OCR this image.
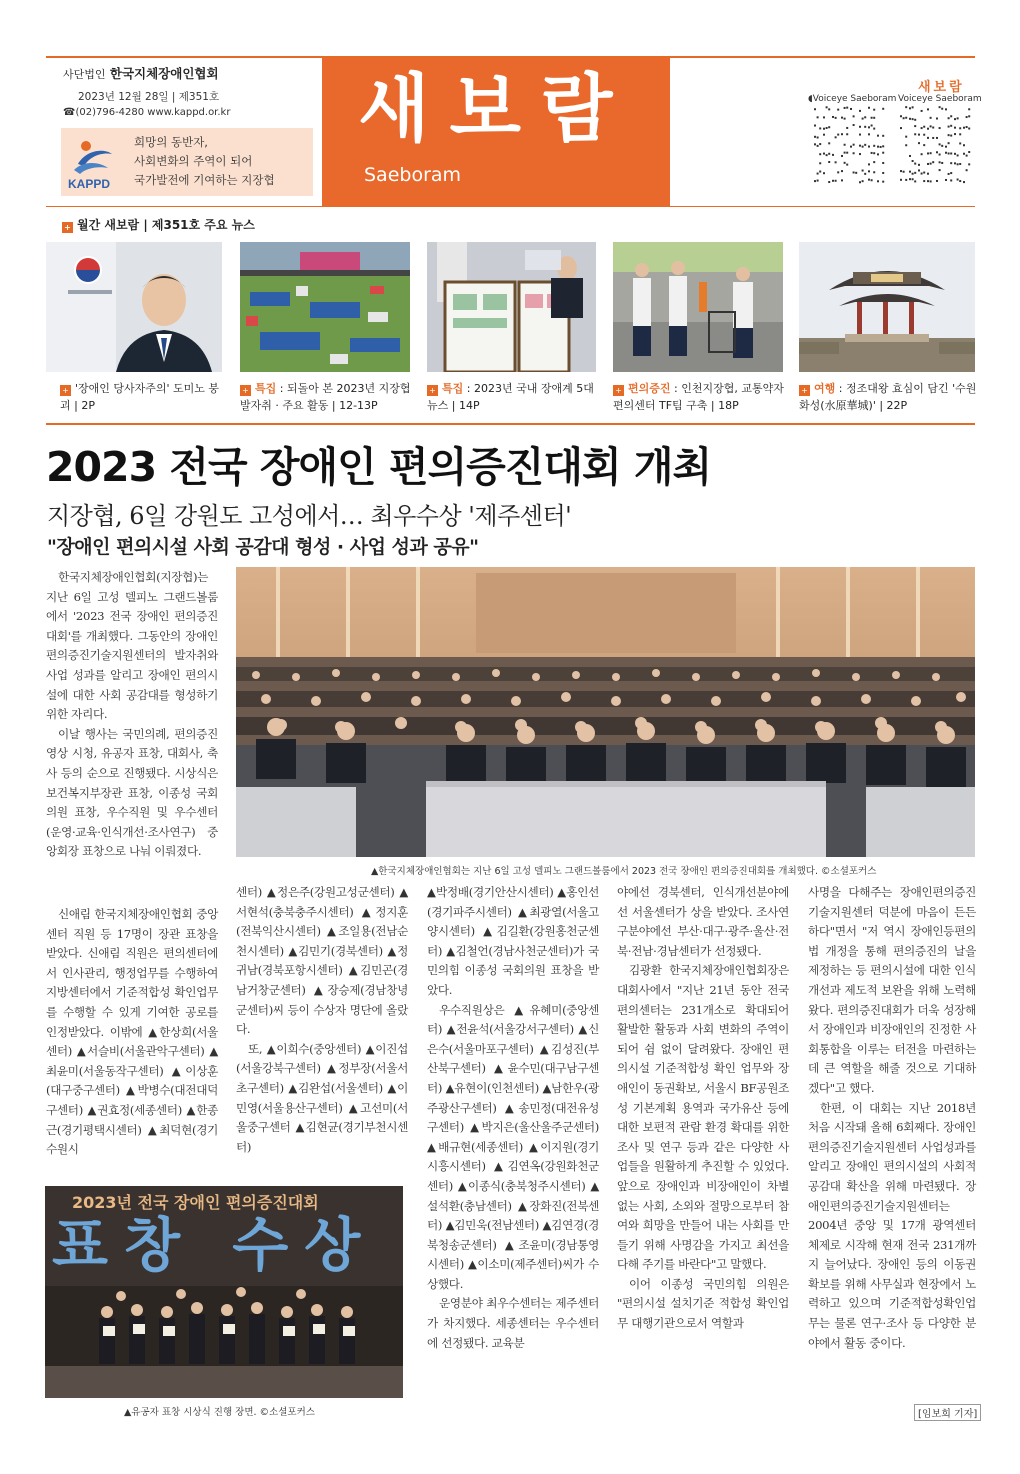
사단법인 한국지체장애인협회
2023년 12월 28일 | 제351호
☎(02)796-4280 www.kappd.or.kr
KAPPD
희망의 동반자,
사회변화의 주역이 되어
국가발전에 기여하는 지장협
새보람
Saeboram
새보람
◖Voiceye Saeboram Voiceye Saeboram
+ 월간 새보람 | 제351호 주요 뉴스
+ '장애인 당사자주의' 도미노 붕괴 | 2P
+ 특집 : 되돌아 본 2023년 지장협 발자취 · 주요 활동 | 12-13P
+ 특집 : 2023년 국내 장애계 5대 뉴스 | 14P
+ 편의증진 : 인천지장협, 교통약자편의센터 TF팀 구축 | 18P
+ 여행 : 정조대왕 효심이 담긴 '수원 화성(水原華城)' | 22P
2023 전국 장애인 편의증진대회 개최
지장협, 6일 강원도 고성에서… 최우수상 '제주센터'
"장애인 편의시설 사회 공감대 형성 · 사업 성과 공유"

한국지체장애인협회(지장협)는 지난 6일 고성 델피노 그랜드볼룸에서 '2023 전국 장애인 편의증진대회'를 개최했다. 그동안의 장애인편의증진기술지원센터의 발자취와 사업 성과를 알리고 장애인 편의시설에 대한 사회 공감대를 형성하기 위한 자리다.

이날 행사는 국민의례, 편의증진 영상 시청, 유공자 표창, 대회사, 축사 등의 순으로 진행됐다. 시상식은 보건복지부장관 표창, 이종성 국회의원 표창, 우수직원 및 우수센터(운영·교육·인식개선·조사연구) 중앙회장 표창으로 나눠 이뤄졌다.

신애림 한국지체장애인협회 중앙센터 직원 등 17명이 장관 표창을 받았다. 신애림 직원은 편의센터에서 인사관리, 행정업무를 수행하여 지방센터에서 기준적합성 확인업무를 수행할 수 있게 기여한 공로를 인정받았다. 이밖에 ▲한상희(서울센터) ▲서슬비(서울관악구센터) ▲최윤미(서울동작구센터) ▲이상훈(대구중구센터) ▲박병수(대전대덕구센터) ▲권효정(세종센터) ▲한종근(경기평택시센터) ▲최덕현(경기수원시

▲한국지체장애인협회는 지난 6일 고성 델피노 그랜드볼룸에서 2023 전국 장애인 편의증진대회를 개최했다. ©소셜포커스

센터) ▲정은주(강원고성군센터) ▲서현석(충북충주시센터) ▲정지훈(전북익산시센터) ▲조일용(전남순천시센터) ▲김민기(경북센터) ▲정귀남(경북포항시센터) ▲김민곤(경남거창군센터) ▲장승제(경남창녕군센터)씨 등이 수상자 명단에 올랐다.

또, ▲이희수(중앙센터) ▲이진섭(서울강북구센터) ▲정부장(서울서초구센터) ▲김완섭(서울센터) ▲이민영(서울용산구센터) ▲고선미(서울중구센터 ▲김현균(경기부천시센터)

▲박정배(경기안산시센터) ▲홍인선(경기파주시센터) ▲최광열(서울고양시센터) ▲김길환(강원홍천군센터) ▲김철언(경남사천군센터)가 국민의힘 이종성 국회의원 표창을 받았다.

우수직원상은 ▲유혜미(중앙센터) ▲전윤석(서울강서구센터) ▲신은수(서울마포구센터) ▲김성진(부산북구센터) ▲윤수민(대구남구센터) ▲유현이(인천센터) ▲남한우(광주광산구센터) ▲송민정(대전유성구센터) ▲박지은(울산울주군센터) ▲배규현(세종센터) ▲이지원(경기시흥시센터) ▲김연옥(강원화천군센터) ▲이종식(충북청주시센터) ▲설석환(충남센터) ▲장화진(전북센터) ▲김민욱(전남센터) ▲김연경(경북청송군센터) ▲조윤미(경남통영시센터) ▲이소미(제주센터)씨가 수상했다.

운영분야 최우수센터는 제주센터가 차지했다. 세종센터는 우수센터에 선정됐다. 교육분

야에선 경북센터, 인식개선분야에선 서울센터가 상을 받았다. 조사연구분야에선 부산·대구·광주·울산·전북·전남·경남센터가 선정됐다.

김광환 한국지체장애인협회장은 대회사에서 "지난 21년 동안 전국 편의센터는 231개소로 확대되어 활발한 활동과 사회 변화의 주역이 되어 쉼 없이 달려왔다. 장애인 편의시설 기준적합성 확인 업무와 장애인이 동권확보, 서울시 BF공원조성 기본계획 용역과 국가유산 등에 대한 보편적 관람 환경 확대를 위한 조사 및 연구 등과 같은 다양한 사업들을 원활하게 추진할 수 있었다. 앞으로 장애인과 비장애인이 차별 없는 사회, 소외와 절망으로부터 참여와 희망을 만들어 내는 사회를 만들기 위해 사명감을 가지고 최선을 다해 주기를 바란다"고 말했다.

이어 이종성 국민의힘 의원은 "편의시설 설치기준 적합성 확인업무 대행기관으로서 역할과

사명을 다해주는 장애인편의증진기술지원센터 덕분에 마음이 든든하다"면서 "저 역시 장애인등편의법 개정을 통해 편의증진의 날을 제정하는 등 편의시설에 대한 인식 개선과 제도적 보완을 위해 노력해왔다. 편의증진대회가 더욱 성장해서 장애인과 비장애인의 진정한 사회통합을 이루는 터전을 마련하는데 큰 역할을 해줄 것으로 기대하겠다"고 했다.

한편, 이 대회는 지난 2018년 처음 시작돼 올해 6회째다. 장애인편의증진기술지원센터 사업성과를 알리고 장애인 편의시설의 사회적 공감대 확산을 위해 마련됐다. 장애인편의증진기술지원센터는 2004년 중앙 및 17개 광역센터 체제로 시작해 현재 전국 231개까지 늘어났다. 장애인 등의 이동권 확보를 위해 사무실과 현장에서 노력하고 있으며 기준적합성확인업무는 물론 연구·조사 등 다양한 분야에서 활동 중이다.

[임보희 기자]
2023년 전국 장애인 편의증진대회
표창 수상
▲유공자 표창 시상식 진행 장면. ©소셜포커스
